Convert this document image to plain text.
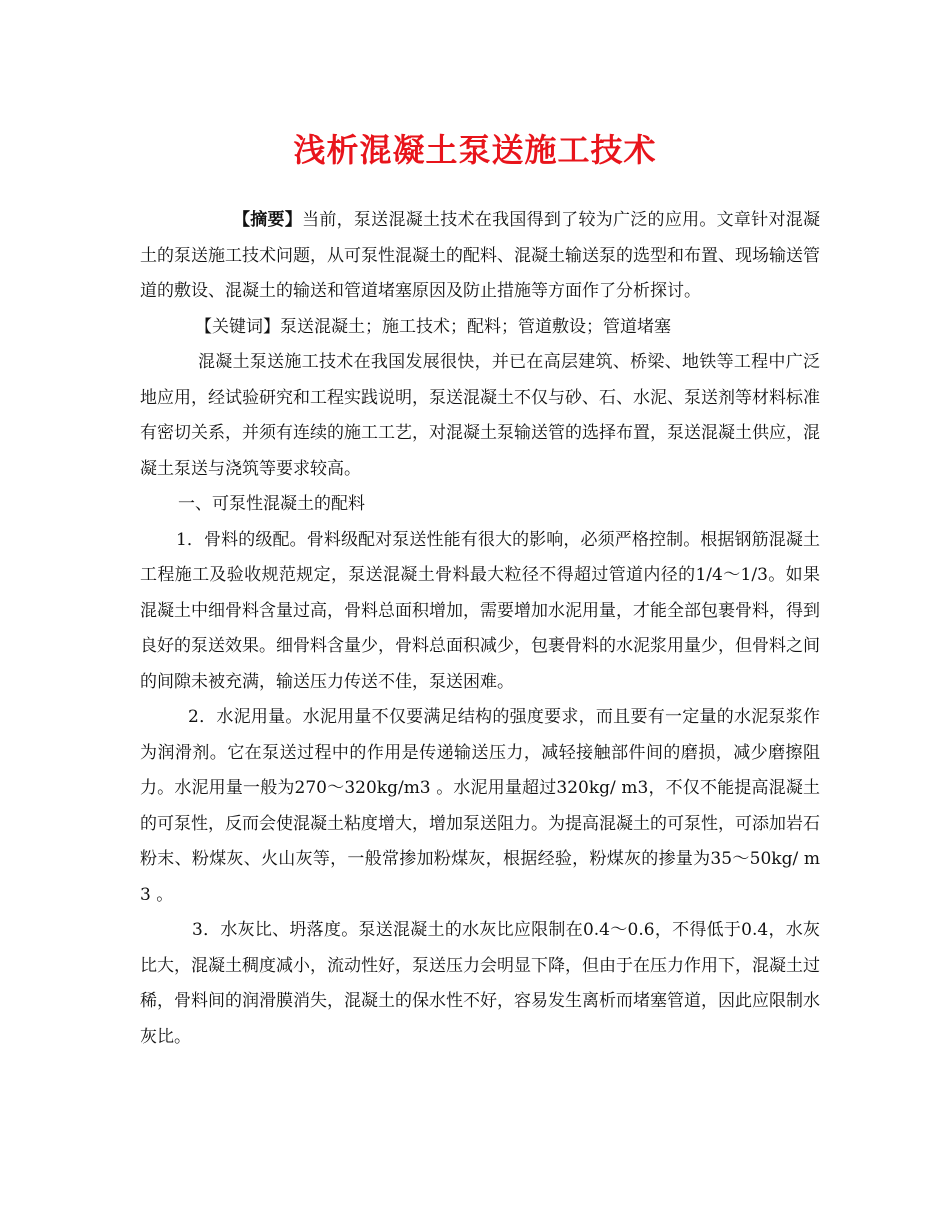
浅析混凝土泵送施工技术

【摘要】当前，泵送混凝土技术在我国得到了较为广泛的应用。文章针对混凝土的泵送施工技术问题，从可泵性混凝土的配料、混凝土输送泵的选型和布置、现场输送管道的敷设、混凝土的输送和管道堵塞原因及防止措施等方面作了分析探讨。

【关键词】泵送混凝土；施工技术；配料；管道敷设；管道堵塞

混凝土泵送施工技术在我国发展很快，并已在高层建筑、桥梁、地铁等工程中广泛地应用，经试验研究和工程实践说明，泵送混凝土不仅与砂、石、水泥、泵送剂等材料标准有密切关系，并须有连续的施工工艺，对混凝土泵输送管的选择布置，泵送混凝土供应，混凝土泵送与浇筑等要求较高。

一、可泵性混凝土的配料

1．骨料的级配。骨料级配对泵送性能有很大的影响，必须严格控制。根据钢筋混凝土工程施工及验收规范规定，泵送混凝土骨料最大粒径不得超过管道内径的1/4～1/3。如果混凝土中细骨料含量过高，骨料总面积增加，需要增加水泥用量，才能全部包裹骨料，得到良好的泵送效果。细骨料含量少，骨料总面积减少，包裹骨料的水泥浆用量少，但骨料之间的间隙未被充满，输送压力传送不佳，泵送困难。

2．水泥用量。水泥用量不仅要满足结构的强度要求，而且要有一定量的水泥泵浆作为润滑剂。它在泵送过程中的作用是传递输送压力，减轻接触部件间的磨损，减少磨擦阻力。水泥用量一般为270～320kg/m3 。水泥用量超过320kg/ m3，不仅不能提高混凝土的可泵性，反而会使混凝土粘度增大，增加泵送阻力。为提高混凝土的可泵性，可添加岩石粉末、粉煤灰、火山灰等，一般常掺加粉煤灰，根据经验，粉煤灰的掺量为35～50kg/ m3 。

3．水灰比、坍落度。泵送混凝土的水灰比应限制在0.4～0.6，不得低于0.4，水灰比大，混凝土稠度减小，流动性好，泵送压力会明显下降，但由于在压力作用下，混凝土过稀，骨料间的润滑膜消失，混凝土的保水性不好，容易发生离析而堵塞管道，因此应限制水灰比。
